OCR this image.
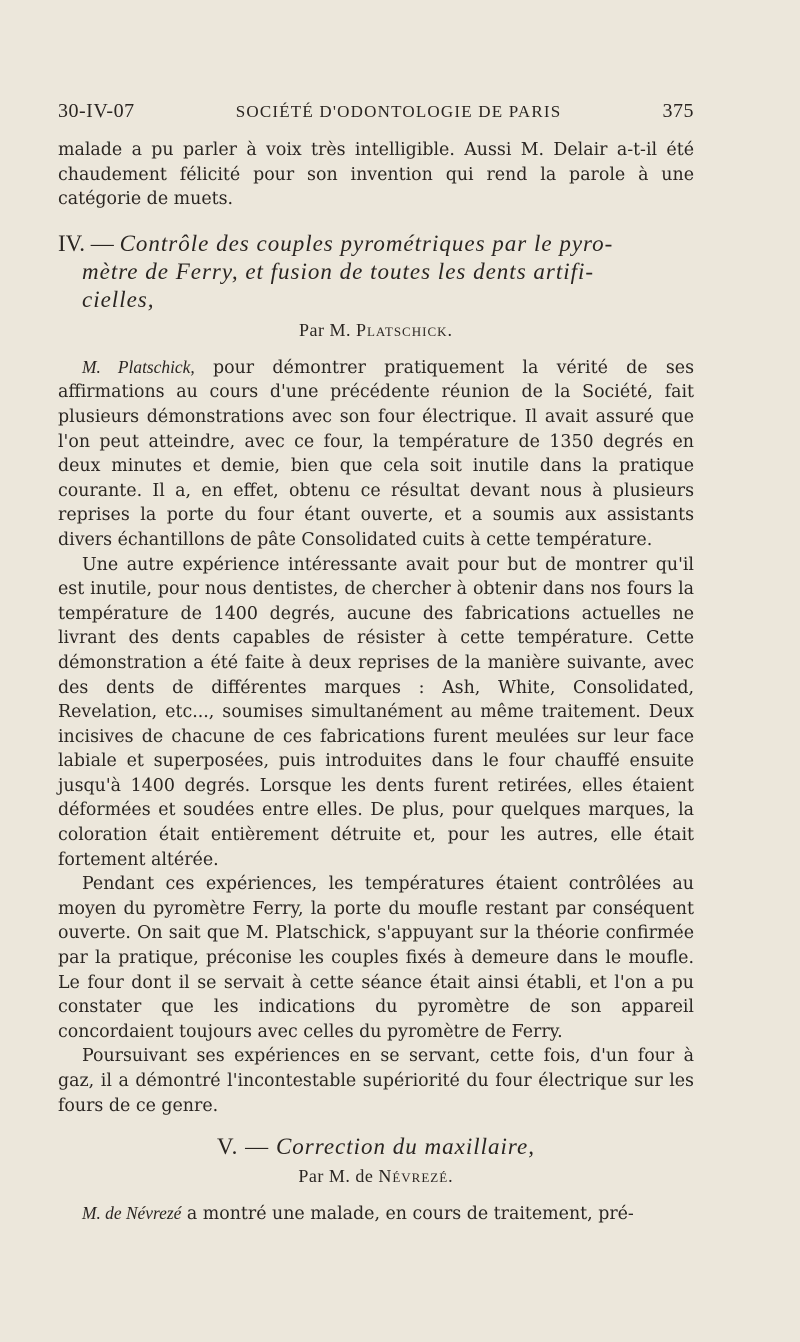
30-IV-07	SOCIÉTÉ D'ODONTOLOGIE DE PARIS	375

malade a pu parler à voix très intelligible. Aussi M. Delair a-t-il été chaudement félicité pour son invention qui rend la parole à une catégorie de muets.

IV. — Contrôle des couples pyrométriques par le pyro-
mètre de Ferry, et fusion de toutes les dents artifi-
cielles,
Par M. Platschick.

M. Platschick, pour démontrer pratiquement la vérité de ses affirmations au cours d'une précédente réunion de la Société, fait plusieurs démonstrations avec son four électrique. Il avait assuré que l'on peut atteindre, avec ce four, la température de 1350 degrés en deux minutes et demie, bien que cela soit inutile dans la pratique courante. Il a, en effet, obtenu ce résultat devant nous à plusieurs reprises la porte du four étant ouverte, et a soumis aux assistants divers échantillons de pâte Consolidated cuits à cette température.

Une autre expérience intéressante avait pour but de montrer qu'il est inutile, pour nous dentistes, de chercher à obtenir dans nos fours la température de 1400 degrés, aucune des fabrications actuelles ne livrant des dents capables de résister à cette température. Cette démonstration a été faite à deux reprises de la manière suivante, avec des dents de différentes marques : Ash, White, Consolidated, Revelation, etc..., soumises simultanément au même traitement. Deux incisives de chacune de ces fabrications furent meulées sur leur face labiale et superposées, puis introduites dans le four chauffé ensuite jusqu'à 1400 degrés. Lorsque les dents furent retirées, elles étaient déformées et soudées entre elles. De plus, pour quelques marques, la coloration était entièrement détruite et, pour les autres, elle était fortement altérée.

Pendant ces expériences, les températures étaient contrôlées au moyen du pyromètre Ferry, la porte du moufle restant par conséquent ouverte. On sait que M. Platschick, s'appuyant sur la théorie confirmée par la pratique, préconise les couples fixés à demeure dans le moufle. Le four dont il se servait à cette séance était ainsi établi, et l'on a pu constater que les indications du pyromètre de son appareil concordaient toujours avec celles du pyromètre de Ferry.

Poursuivant ses expériences en se servant, cette fois, d'un four à gaz, il a démontré l'incontestable supériorité du four électrique sur les fours de ce genre.

V. — Correction du maxillaire,
Par M. de Névrezé.

M. de Névrezé a montré une malade, en cours de traitement, pré-
